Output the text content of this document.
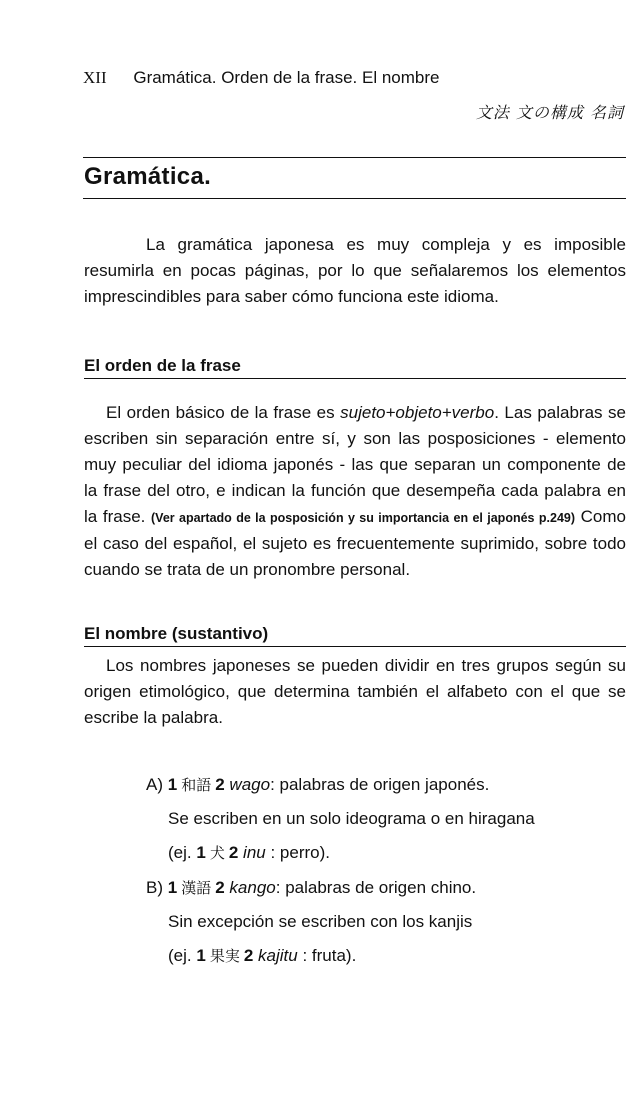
XII Gramática. Orden de la frase. El nombre
文法 文の構成 名詞
Gramática.

La gramática japonesa es muy compleja y es imposible resumirla en pocas páginas, por lo que señalaremos los elementos imprescindibles para saber cómo funciona este idioma.

El orden de la frase

El orden básico de la frase es sujeto+objeto+verbo. Las palabras se escriben sin separación entre sí, y son las posposiciones - elemento muy peculiar del idioma japonés - las que separan un componente de la frase del otro, e indican la función que desempeña cada palabra en la frase. (Ver apartado de la posposición y su importancia en el japonés p.249) Como el caso del español, el sujeto es frecuentemente suprimido, sobre todo cuando se trata de un pronombre personal.

El nombre (sustantivo)

Los nombres japoneses se pueden dividir en tres grupos según su origen etimológico, que determina también el alfabeto con el que se escribe la palabra.

A) 1 和語 2 wago: palabras de origen japonés.
Se escriben en un solo ideograma o en hiragana
(ej. 1 犬 2 inu : perro).
B) 1 漢語 2 kango: palabras de origen chino.
Sin excepción se escriben con los kanjis
(ej. 1 果実 2 kajitu : fruta).
